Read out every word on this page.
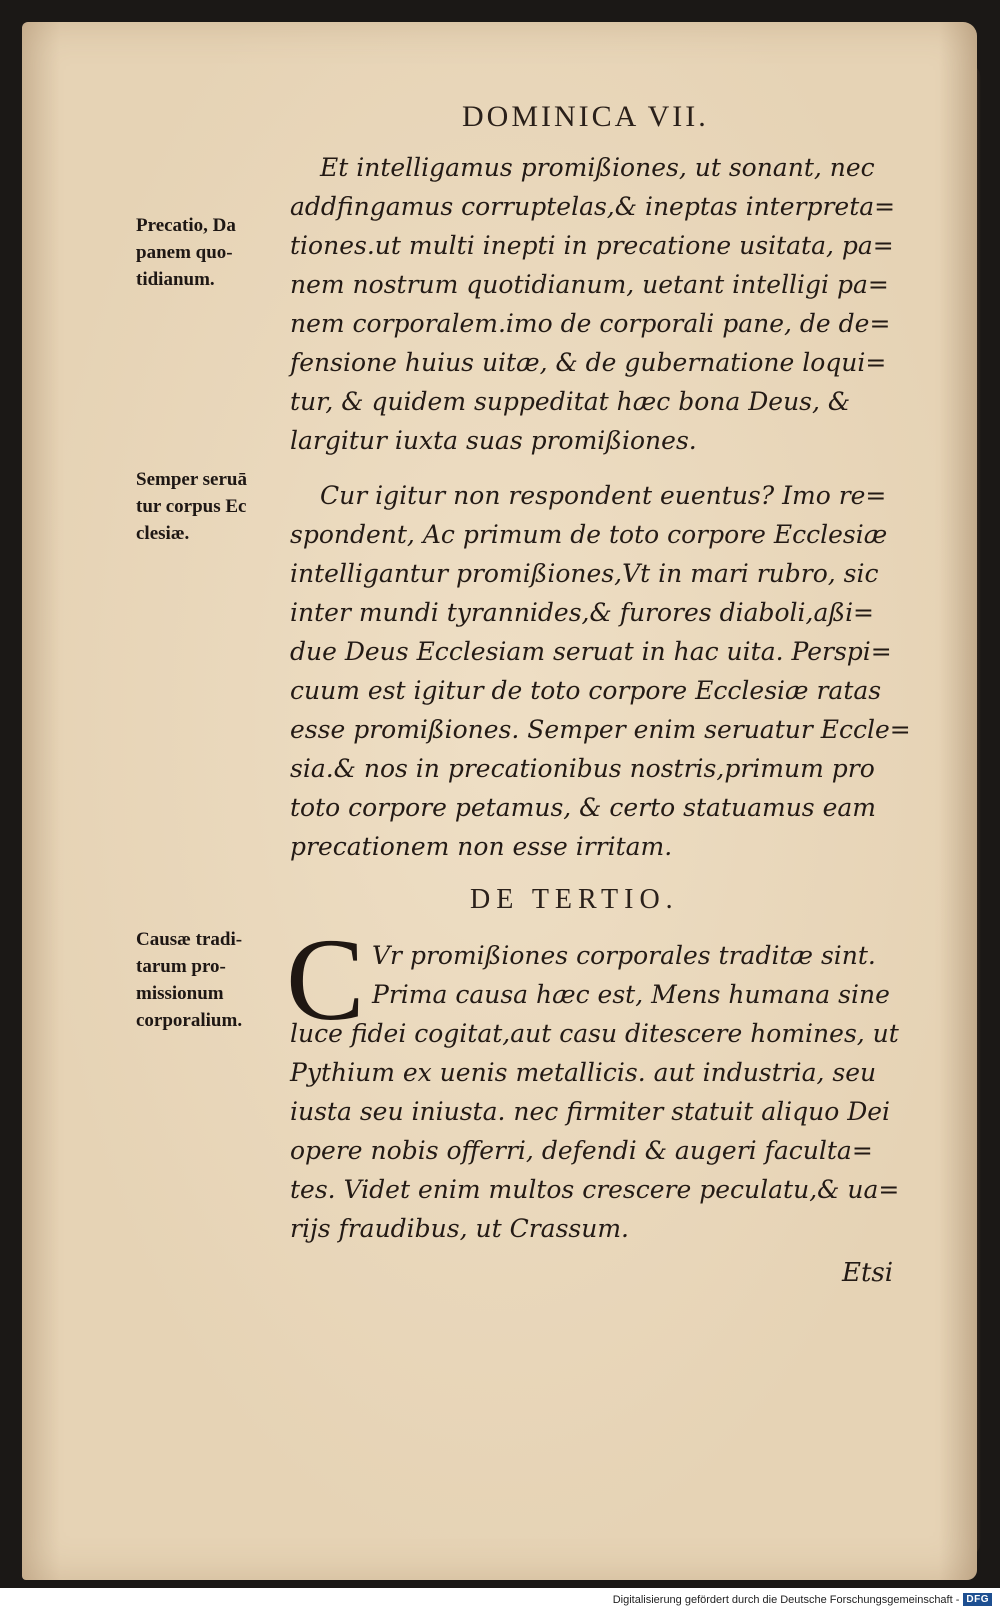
DOMINICA VII.
Precatio, Da
panem quo-
tidianum.
Semper seruā
tur corpus Ec
clesiæ.
Causæ tradi-
tarum pro-
missionum
corporalium.
Et intelligamus promißiones, ut sonant, nec
addfingamus corruptelas,& ineptas interpreta=
tiones.ut multi inepti in precatione usitata, pa=
nem nostrum quotidianum, uetant intelligi pa=
nem corporalem.imo de corporali pane, de de=
fensione huius uitæ, & de gubernatione loqui=
tur, & quidem suppeditat hæc bona Deus, &
largitur iuxta suas promißiones.
Cur igitur non respondent euentus? Imo re=
spondent, Ac primum de toto corpore Ecclesiæ
intelligantur promißiones,Vt in mari rubro, sic
inter mundi tyrannides,& furores diaboli,aßi=
due Deus Ecclesiam seruat in hac uita. Perspi=
cuum est igitur de toto corpore Ecclesiæ ratas
esse promißiones. Semper enim seruatur Eccle=
sia.& nos in precationibus nostris,primum pro
toto corpore petamus, & certo statuamus eam
precationem non esse irritam.
DE TERTIO.
C Vr promißiones corporales traditæ sint.
Prima causa hæc est, Mens humana sine
luce fidei cogitat,aut casu ditescere homines, ut
Pythium ex uenis metallicis. aut industria, seu
iusta seu iniusta. nec firmiter statuit aliquo Dei
opere nobis offerri, defendi & augeri faculta=
tes. Videt enim multos crescere peculatu,& ua=
rijs fraudibus, ut Crassum.
Etsi
Digitalisierung gefördert durch die Deutsche Forschungsgemeinschaft - DFG
